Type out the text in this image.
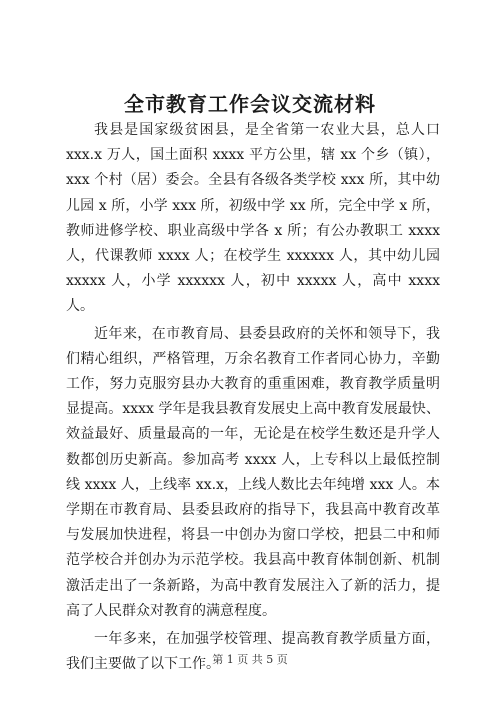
全市教育工作会议交流材料

我县是国家级贫困县，是全省第一农业大县，总人口 xxx.x 万人，国土面积 xxxx 平方公里，辖 xx 个乡（镇），xxx 个村（居）委会。全县有各级各类学校 xxx 所，其中幼儿园 x 所，小学 xxx 所，初级中学 xx 所，完全中学 x 所，教师进修学校、职业高级中学各 x 所；有公办教职工 xxxx 人，代课教师 xxxx 人；在校学生 xxxxxx 人，其中幼儿园 xxxxx 人，小学 xxxxxx 人，初中 xxxxx 人，高中 xxxx 人。

近年来，在市教育局、县委县政府的关怀和领导下，我们精心组织，严格管理，万余名教育工作者同心协力，辛勤工作，努力克服穷县办大教育的重重困难，教育教学质量明显提高。xxxx 学年是我县教育发展史上高中教育发展最快、效益最好、质量最高的一年，无论是在校学生数还是升学人数都创历史新高。参加高考 xxxx 人，上专科以上最低控制线 xxxx 人，上线率 xx.x，上线人数比去年纯增 xxx 人。本学期在市教育局、县委县政府的指导下，我县高中教育改革与发展加快进程，将县一中创办为窗口学校，把县二中和师范学校合并创办为示范学校。我县高中教育体制创新、机制激活走出了一条新路，为高中教育发展注入了新的活力，提高了人民群众对教育的满意程度。

一年多来，在加强学校管理、提高教育教学质量方面，我们主要做了以下工作。

第 1 页 共 5 页
